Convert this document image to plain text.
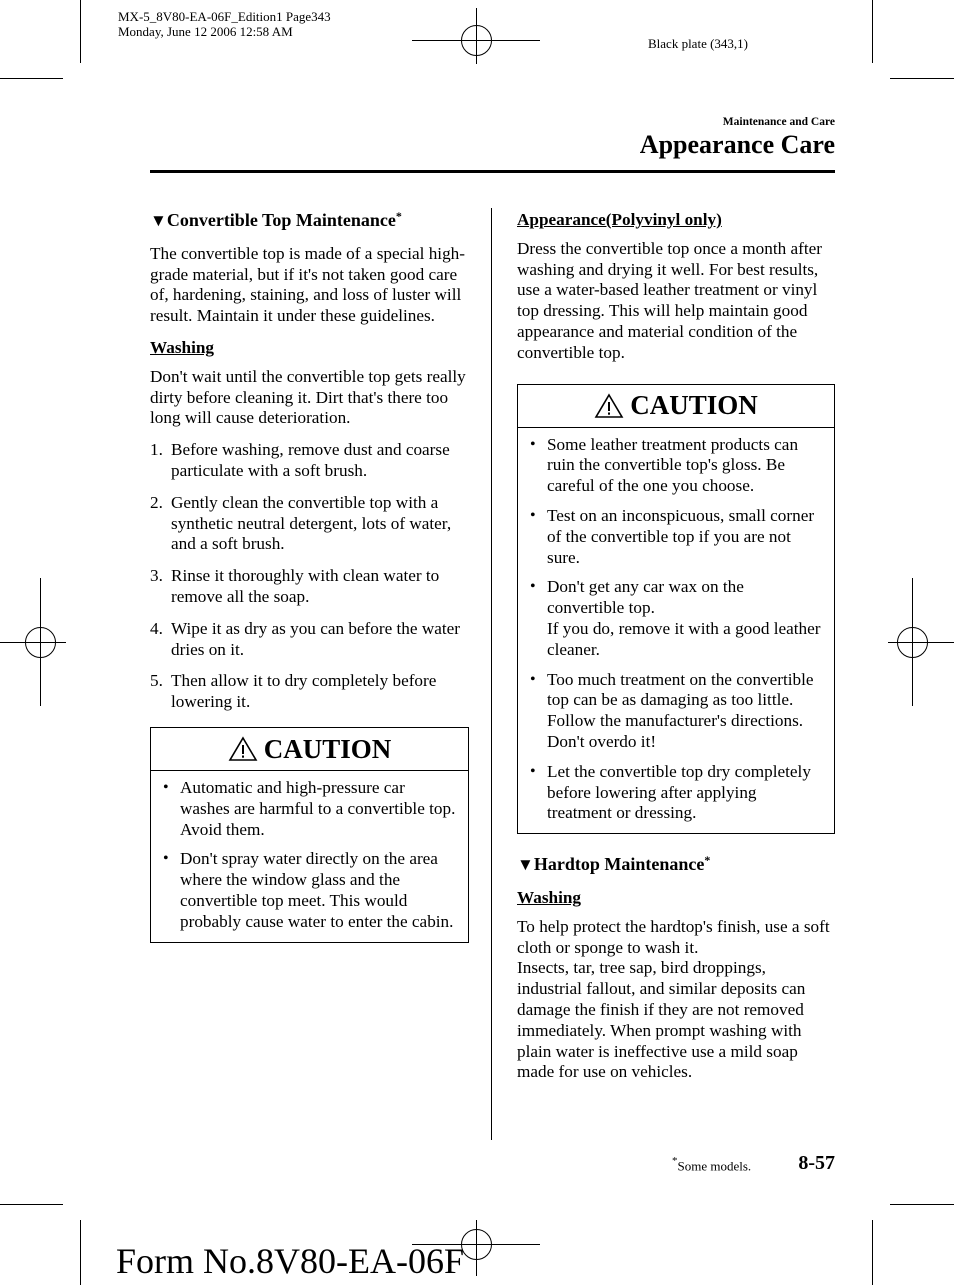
MX-5_8V80-EA-06F_Edition1 Page343
Monday, June 12 2006 12:58 AM
Black plate (343,1)
Maintenance and Care
Appearance Care
▼Convertible Top Maintenance*

The convertible top is made of a special high-grade material, but if it's not taken good care of, hardening, staining, and loss of luster will result. Maintain it under these guidelines.

Washing

Don't wait until the convertible top gets really dirty before cleaning it. Dirt that's there too long will cause deterioration.

1. Before washing, remove dust and coarse particulate with a soft brush.
2. Gently clean the convertible top with a synthetic neutral detergent, lots of water, and a soft brush.
3. Rinse it thoroughly with clean water to remove all the soap.
4. Wipe it as dry as you can before the water dries on it.
5. Then allow it to dry completely before lowering it.
CAUTION
• Automatic and high-pressure car washes are harmful to a convertible top. Avoid them.
• Don't spray water directly on the area where the window glass and the convertible top meet. This would probably cause water to enter the cabin.
Appearance(Polyvinyl only)

Dress the convertible top once a month after washing and drying it well. For best results, use a water-based leather treatment or vinyl top dressing. This will help maintain good appearance and material condition of the convertible top.

CAUTION
• Some leather treatment products can ruin the convertible top's gloss. Be careful of the one you choose.
• Test on an inconspicuous, small corner of the convertible top if you are not sure.
• Don't get any car wax on the convertible top.
If you do, remove it with a good leather cleaner.
• Too much treatment on the convertible top can be as damaging as too little. Follow the manufacturer's directions.
Don't overdo it!
• Let the convertible top dry completely before lowering after applying treatment or dressing.
▼Hardtop Maintenance*
Washing

To help protect the hardtop's finish, use a soft cloth or sponge to wash it.

Insects, tar, tree sap, bird droppings, industrial fallout, and similar deposits can damage the finish if they are not removed immediately. When prompt washing with plain water is ineffective use a mild soap made for use on vehicles.

*Some models. 8-57
Form No.8V80-EA-06F
